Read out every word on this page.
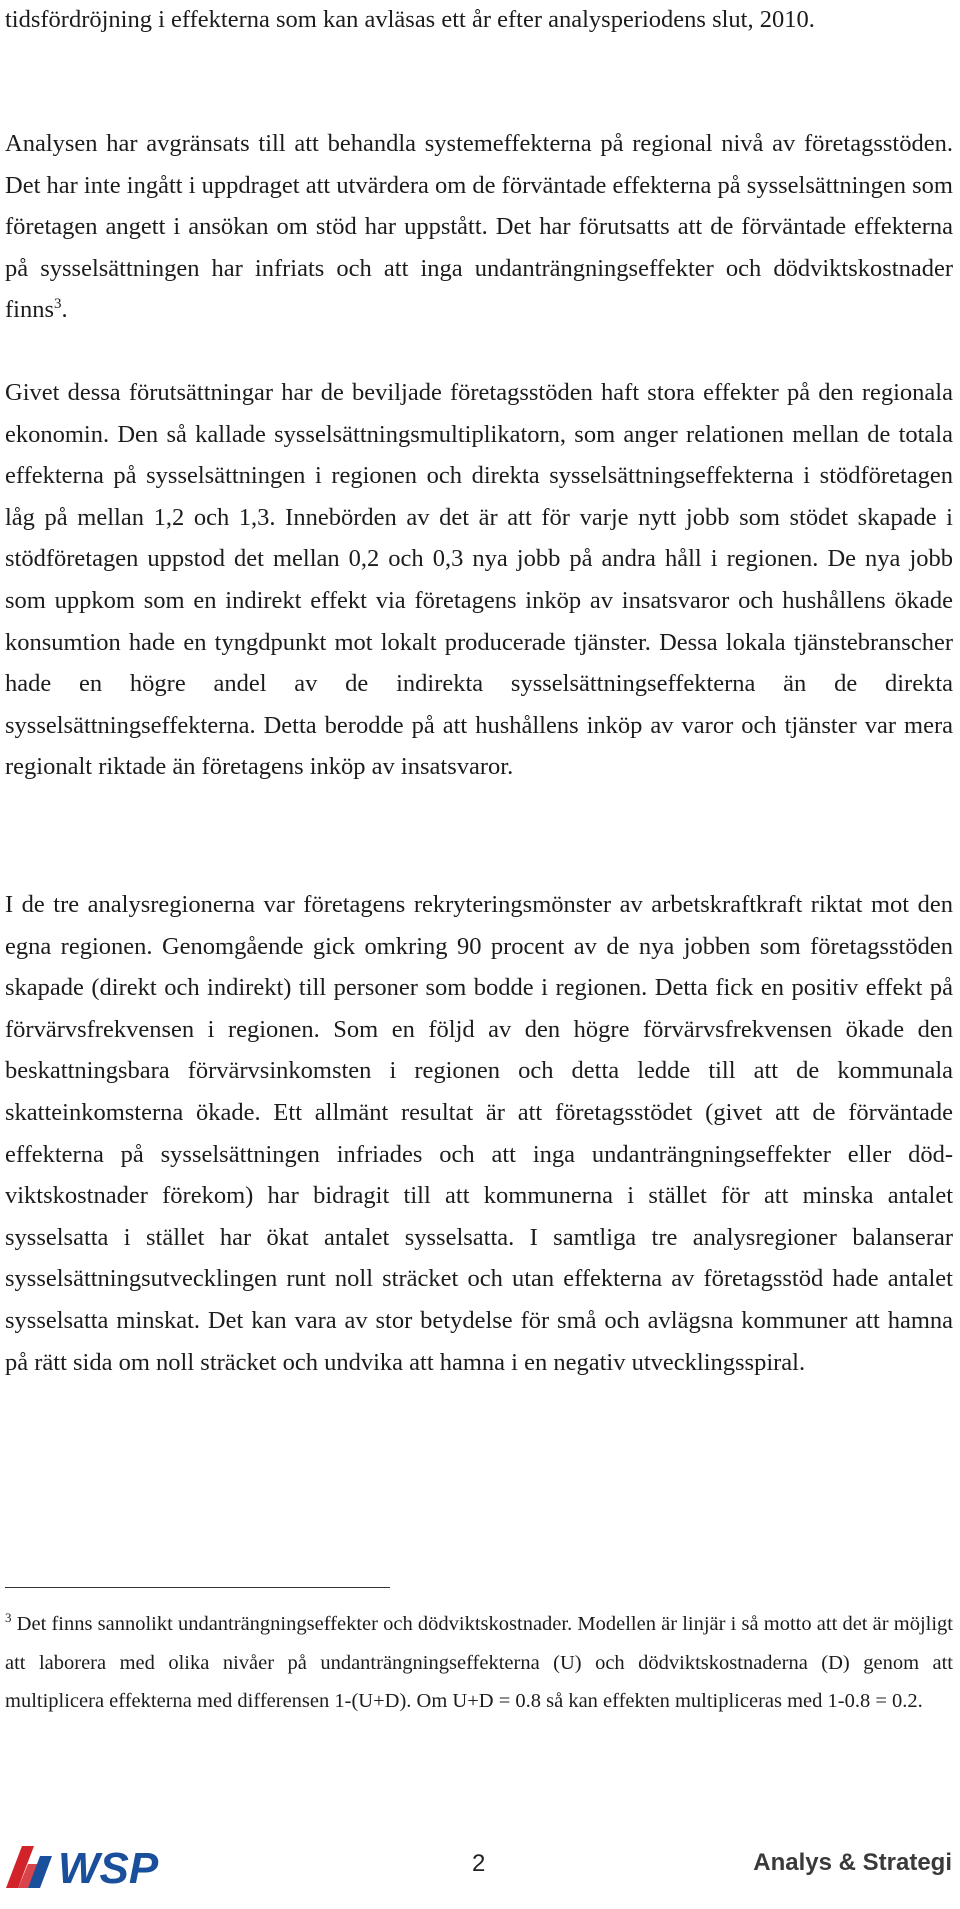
tidsfördröjning i effekterna som kan avläsas ett år efter analysperiodens slut, 2010.

Analysen har avgränsats till att behandla systemeffekterna på regional nivå av företagsstöden. Det har inte ingått i uppdraget att utvärdera om de förväntade effekterna på sysselsättningen som företagen angett i ansökan om stöd har uppstått. Det har förutsatts att de förväntade effekterna på sysselsättningen har infriats och att inga undanträngningseffekter och dödviktskostnader finns$^3$.

Givet dessa förutsättningar har de beviljade företagsstöden haft stora effekter på den regionala ekonomin. Den så kallade sysselsättningsmultiplikatorn, som anger relationen mellan de totala effekterna på sysselsättningen i regionen och direkta sysselsättningseffekterna i stödföretagen låg på mellan 1,2 och 1,3. Innebörden av det är att för varje nytt jobb som stödet skapade i stödföretagen uppstod det mellan 0,2 och 0,3 nya jobb på andra håll i regionen. De nya jobb som uppkom som en indirekt effekt via företagens inköp av insatsvaror och hushållens ökade konsumtion hade en tyngdpunkt mot lokalt producerade tjänster. Dessa lokala tjänstebranscher hade en högre andel av de indirekta sysselsättningseffekterna än de direkta sysselsättningseffekterna. Detta berodde på att hushållens inköp av varor och tjänster var mera regionalt riktade än företagens inköp av insatsvaror.

I de tre analysregionerna var företagens rekryteringsmönster av arbetskraftkraft riktat mot den egna regionen. Genomgående gick omkring 90 procent av de nya jobben som företagsstöden skapade (direkt och indirekt) till personer som bodde i regionen. Detta fick en positiv effekt på förvärvsfrekvensen i regionen. Som en följd av den högre förvärvsfrekvensen ökade den beskattningsbara förvärvsinkomsten i regionen och detta ledde till att de kommunala skatteinkomsterna ökade. Ett allmänt resultat är att företagsstödet (givet att de förväntade effekterna på sysselsättningen infriades och att inga undanträngningseffekter eller dödviktskostnader förekom) har bidragit till att kommunerna i stället för att minska antalet sysselsatta i stället har ökat antalet sysselsatta. I samtliga tre analysregioner balanserar sysselsättningsutvecklingen runt noll sträcket och utan effekterna av företagsstöd hade antalet sysselsatta minskat. Det kan vara av stor betydelse för små och avlägsna kommuner att hamna på rätt sida om noll sträcket och undvika att hamna i en negativ utvecklingsspiral.

$^3$ Det finns sannolikt undanträngningseffekter och dödviktskostnader. Modellen är linjär i så motto att det är möjligt att laborera med olika nivåer på undanträngningseffekterna (U) och dödviktskostnaderna (D) genom att multiplicera effekterna med differensen 1-(U+D). Om U+D = 0.8 så kan effekten multipliceras med 1-0.8 = 0.2.

WSP	2	Analys & Strategi
